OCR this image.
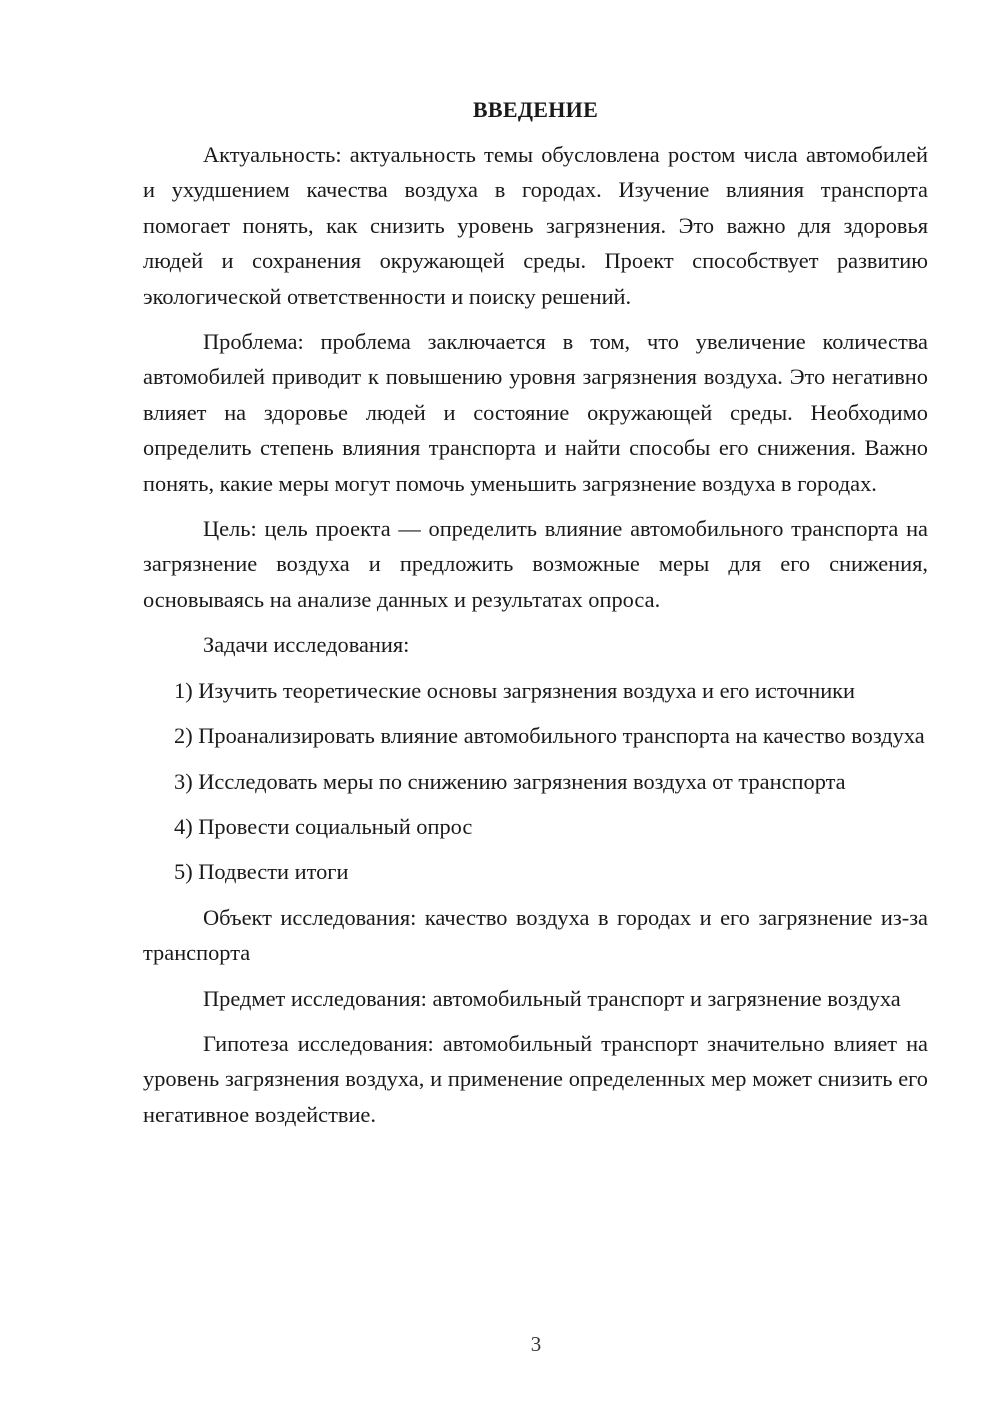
ВВЕДЕНИЕ

Актуальность: актуальность темы обусловлена ростом числа автомобилей и ухудшением качества воздуха в городах. Изучение влияния транспорта помогает понять, как снизить уровень загрязнения. Это важно для здоровья людей и сохранения окружающей среды. Проект способствует развитию экологической ответственности и поиску решений.

Проблема: проблема заключается в том, что увеличение количества автомобилей приводит к повышению уровня загрязнения воздуха. Это негативно влияет на здоровье людей и состояние окружающей среды. Необходимо определить степень влияния транспорта и найти способы его снижения. Важно понять, какие меры могут помочь уменьшить загрязнение воздуха в городах.

Цель: цель проекта — определить влияние автомобильного транспорта на загрязнение воздуха и предложить возможные меры для его снижения, основываясь на анализе данных и результатах опроса.

Задачи исследования:

1) Изучить теоретические основы загрязнения воздуха и его источники

2) Проанализировать влияние автомобильного транспорта на качество воздуха

3) Исследовать меры по снижению загрязнения воздуха от транспорта

4) Провести социальный опрос

5) Подвести итоги

Объект исследования: качество воздуха в городах и его загрязнение из-за транспорта

Предмет исследования: автомобильный транспорт и загрязнение воздуха

Гипотеза исследования: автомобильный транспорт значительно влияет на уровень загрязнения воздуха, и применение определенных мер может снизить его негативное воздействие.

3
